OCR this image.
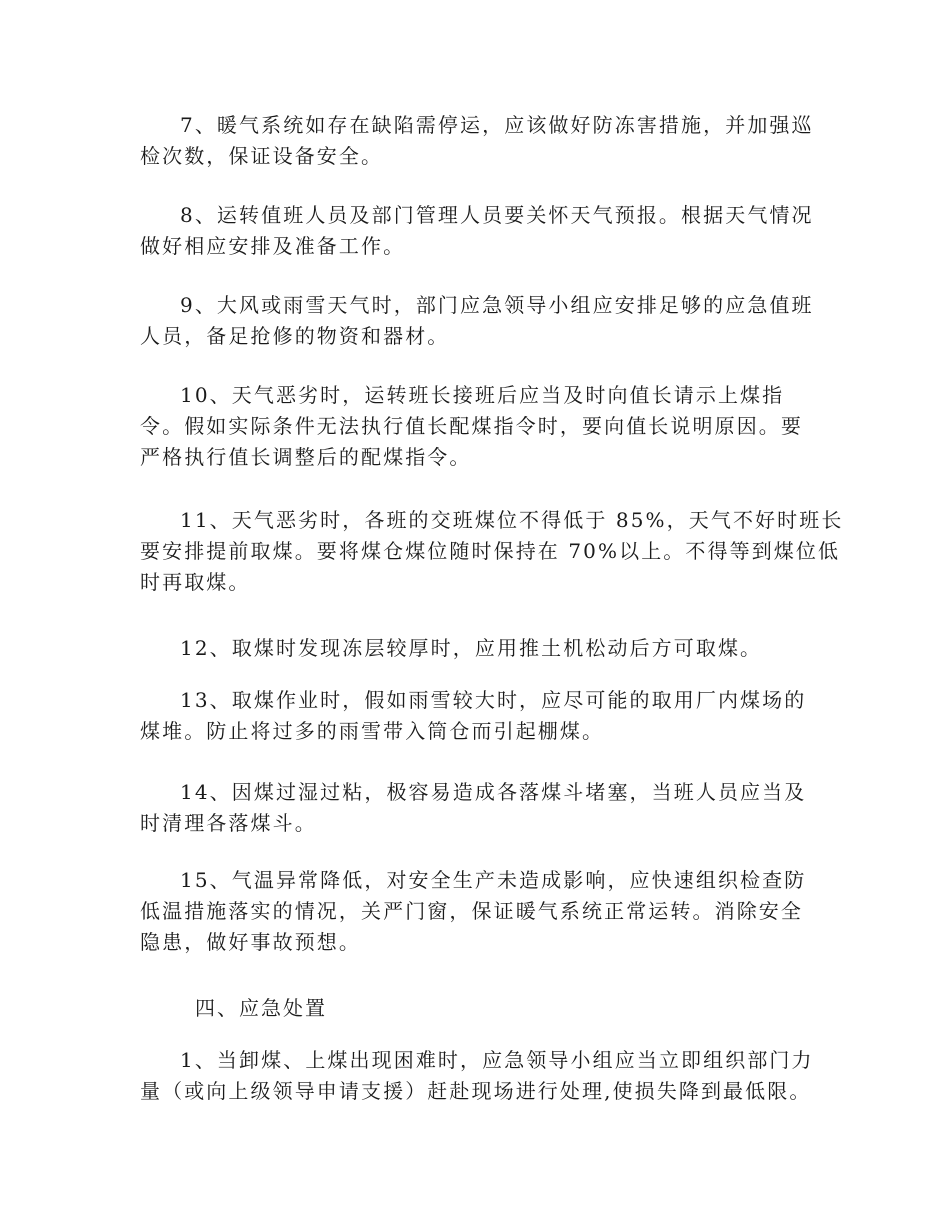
7、暖气系统如存在缺陷需停运，应该做好防冻害措施，并加强巡
检次数，保证设备安全。

8、运转值班人员及部门管理人员要关怀天气预报。根据天气情况
做好相应安排及准备工作。

9、大风或雨雪天气时，部门应急领导小组应安排足够的应急值班
人员，备足抢修的物资和器材。

10、天气恶劣时，运转班长接班后应当及时向值长请示上煤指
令。假如实际条件无法执行值长配煤指令时，要向值长说明原因。要
严格执行值长调整后的配煤指令。

11、天气恶劣时，各班的交班煤位不得低于 85%，天气不好时班长
要安排提前取煤。要将煤仓煤位随时保持在 70%以上。不得等到煤位低
时再取煤。

12、取煤时发现冻层较厚时，应用推土机松动后方可取煤。

13、取煤作业时，假如雨雪较大时，应尽可能的取用厂内煤场的
煤堆。防止将过多的雨雪带入筒仓而引起棚煤。

14、因煤过湿过粘，极容易造成各落煤斗堵塞，当班人员应当及
时清理各落煤斗。

15、气温异常降低，对安全生产未造成影响，应快速组织检查防
低温措施落实的情况，关严门窗，保证暖气系统正常运转。消除安全
隐患，做好事故预想。

四、应急处置

1、当卸煤、上煤出现困难时，应急领导小组应当立即组织部门力
量（或向上级领导申请支援）赶赴现场进行处理,使损失降到最低限。
